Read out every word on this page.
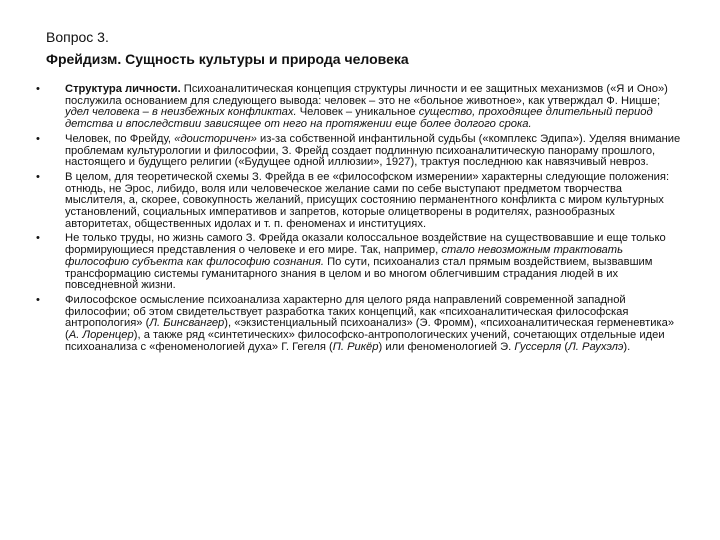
Вопрос 3.
Фрейдизм. Сущность культуры и природа человека
•	Структура личности. Психоаналитическая концепция структуры личности и ее защитных механизмов («Я и Оно») послужила основанием для следующего вывода: человек – это не «больное животное», как утверждал Ф. Ницше; удел человека – в неизбежных конфликтах. Человек – уникальное существо, проходящее длительный период детства и впоследствии зависящее от него на протяжении еще более долгого срока.
•	Человек, по Фрейду, «доисторичен» из-за собственной инфантильной судьбы («комплекс Эдипа»). Уделяя внимание проблемам культурологии и философии, З. Фрейд создает подлинную психоаналитическую панораму прошлого, настоящего и будущего религии («Будущее одной иллюзии», 1927), трактуя последнюю как навязчивый невроз.
•	В целом, для теоретической схемы З. Фрейда в ее «философском измерении» характерны следующие положения: отнюдь, не Эрос, либидо, воля или человеческое желание сами по себе выступают предметом творчества мыслителя, а, скорее, совокупность желаний, присущих состоянию перманентного конфликта с миром культурных установлений, социальных императивов и запретов, которые олицетворены в родителях, разнообразных авторитетах, общественных идолах и т. п. феноменах и институциях.
•	Не только труды, но жизнь самого З. Фрейда оказали колоссальное воздействие на существовавшие и еще только формирующиеся представления о человеке и его мире. Так, например, стало невозможным трактовать философию субъекта как философию сознания. По сути, психоанализ стал прямым воздействием, вызвавшим трансформацию системы гуманитарного знания в целом и во многом облегчившим страдания людей в их повседневной жизни.
•	Философское осмысление психоанализа характерно для целого ряда направлений современной западной философии; об этом свидетельствует разработка таких концепций, как «психоаналитическая философская антропология» (Л. Бинсвангер), «экзистенциальный психоанализ» (Э. Фромм), «психоаналитическая герменевтика» (А. Лоренцер), а также ряд «синтетических» философско-антропологических учений, сочетающих отдельные идеи психоанализа с «феноменологией духа» Г. Гегеля (П. Рикёр) или феноменологией Э. Гуссерля (Л. Раухэлэ).
